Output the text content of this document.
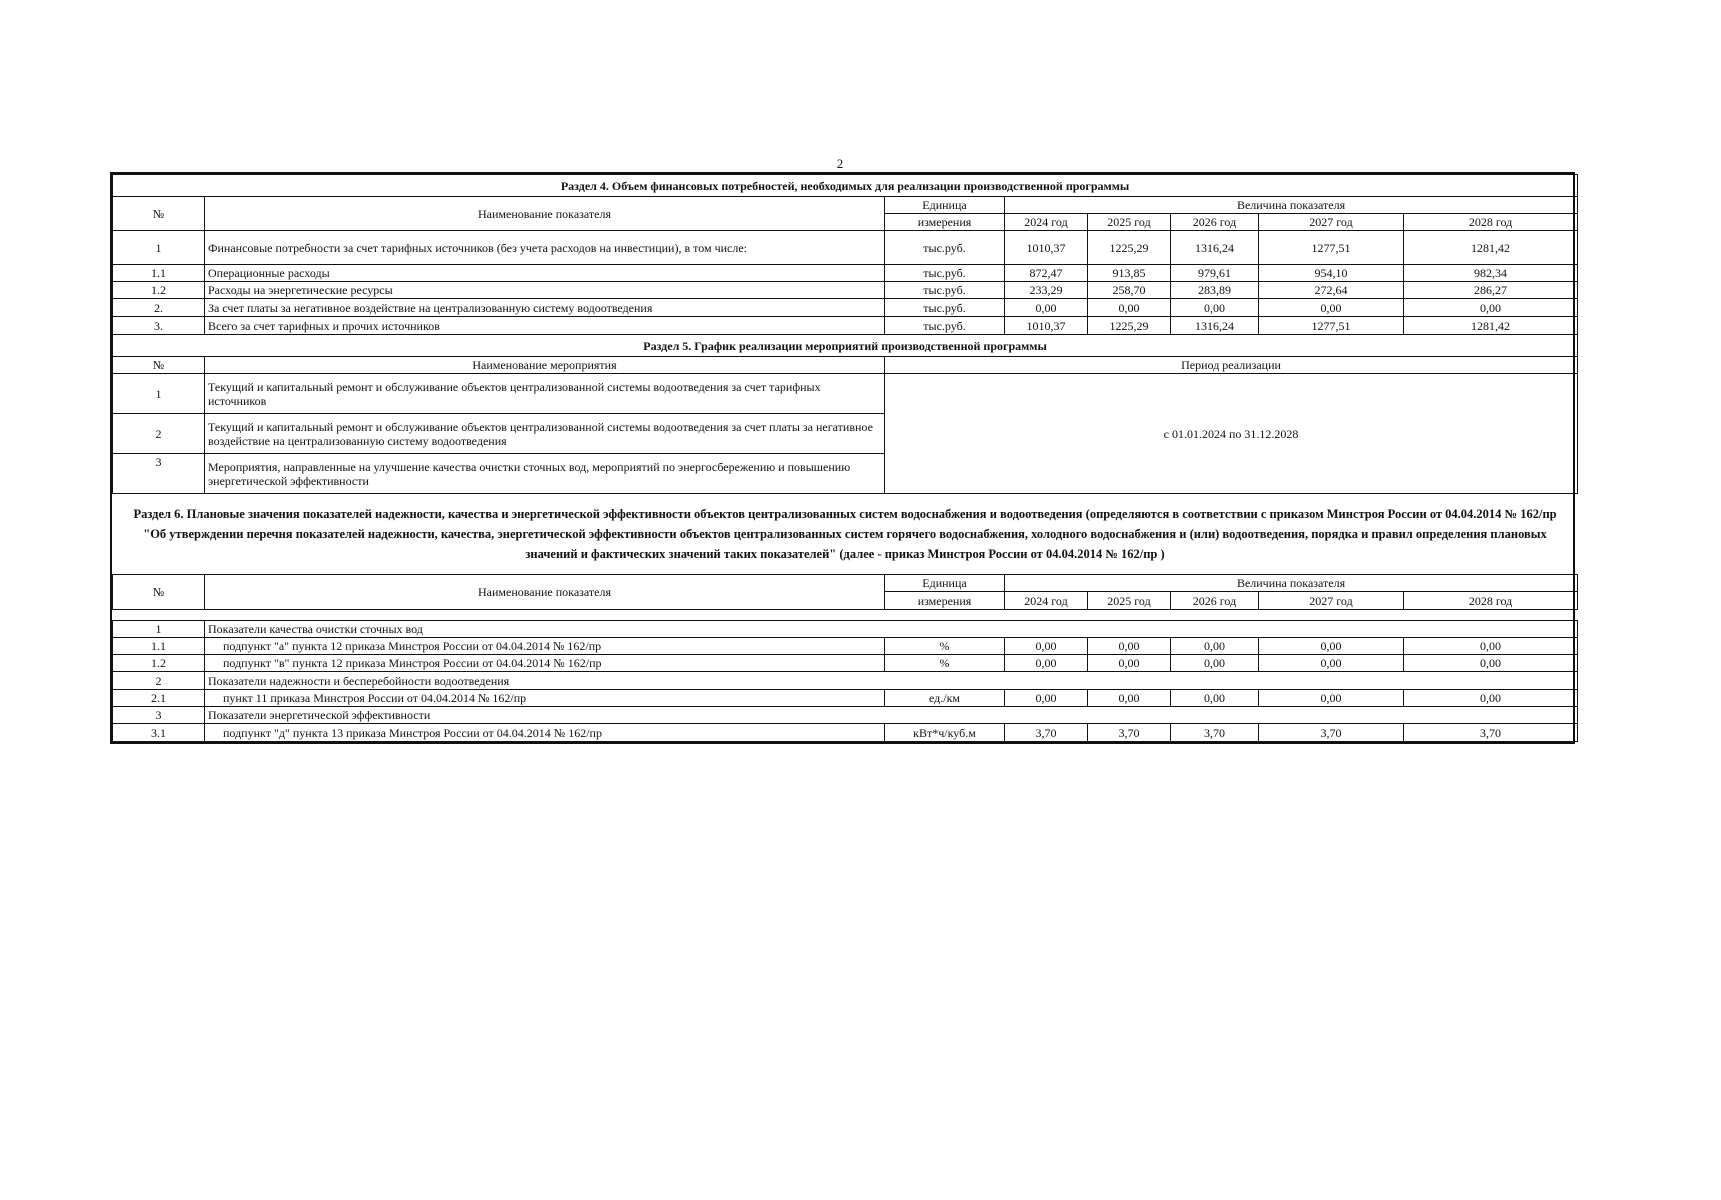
2
Раздел 4. Объем финансовых потребностей, необходимых для реализации производственной программы							
№	Наименование показателя	Единица	Величина показателя				
		измерения	2024 год	2025 год	2026 год	2027 год	2028 год
1	Финансовые потребности за счет тарифных источников (без учета расходов на инвестиции), в том числе:	тыс.руб.	1010,37	1225,29	1316,24	1277,51	1281,42
1.1	Операционные расходы	тыс.руб.	872,47	913,85	979,61	954,10	982,34
1.2	Расходы на энергетические ресурсы	тыс.руб.	233,29	258,70	283,89	272,64	286,27
2.	За счет платы за негативное воздействие на централизованную систему водоотведения	тыс.руб.	0,00	0,00	0,00	0,00	0,00
3.	Всего за счет тарифных и прочих источников	тыс.руб.	1010,37	1225,29	1316,24	1277,51	1281,42
Раздел 5. График реализации мероприятий производственной программы							
№	Наименование мероприятия	Период реализации					
1	Текущий и капитальный ремонт и обслуживание объектов централизованной системы водоотведения за счет тарифных источников	с 01.01.2024 по 31.12.2028					
2	Текущий и капитальный ремонт и обслуживание объектов централизованной системы водоотведения за счет платы за негативное воздействие на централизованную систему водоотведения						
3	Мероприятия, направленные на улучшение качества очистки сточных вод, мероприятий по энергосбережению и повышению энергетической эффективности						
Раздел 6. Плановые значения показателей надежности, качества и энергетической эффективности объектов централизованных систем водоснабжения и водоотведения (определяются в соответствии с приказом Минстроя России от 04.04.2014 № 162/пр "Об утверждении перечня показателей надежности, качества, энергетической эффективности объектов централизованных систем горячего водоснабжения, холодного водоснабжения и (или) водоотведения, порядка и правил определения плановых значений и фактических значений таких показателей" (далее - приказ Минстроя России от 04.04.2014 № 162/пр )							
№	Наименование показателя	Единица	Величина показателя				
		измерения	2024 год	2025 год	2026 год	2027 год	2028 год

1	Показатели качества очистки сточных вод						
1.1	подпункт "а" пункта 12 приказа Минстроя России от 04.04.2014 № 162/пр	%	0,00	0,00	0,00	0,00	0,00
1.2	подпункт "в" пункта 12 приказа Минстроя России от 04.04.2014 № 162/пр	%	0,00	0,00	0,00	0,00	0,00
2	Показатели надежности и бесперебойности водоотведения						
2.1	пункт 11 приказа Минстроя России от 04.04.2014 № 162/пр	ед./км	0,00	0,00	0,00	0,00	0,00
3	Показатели энергетической эффективности						
3.1	подпункт "д" пункта 13 приказа Минстроя России от 04.04.2014 № 162/пр	кВт*ч/куб.м	3,70	3,70	3,70	3,70	3,70
